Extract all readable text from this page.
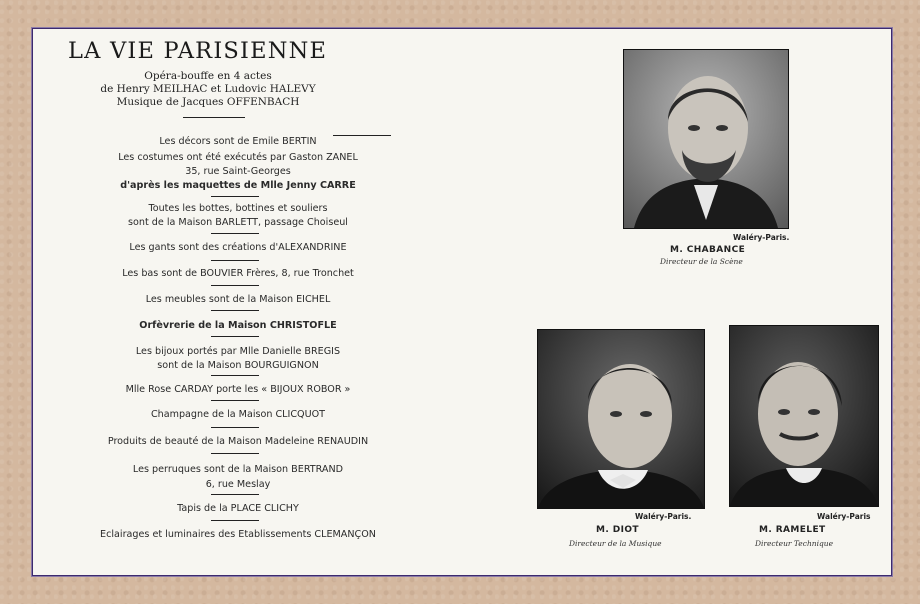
LA VIE PARISIENNE
Opéra-bouffe en 4 actes
de Henry MEILHAC et Ludovic HALEVY
Musique de Jacques OFFENBACH
Les décors sont de Emile BERTIN
Les costumes ont été exécutés par Gaston ZANEL
35, rue Saint-Georges
d'après les maquettes de Mlle Jenny CARRE
Toutes les bottes, bottines et souliers
sont de la Maison BARLETT, passage Choiseul
Les gants sont des créations d'ALEXANDRINE
Les bas sont de BOUVIER Frères, 8, rue Tronchet
Les meubles sont de la Maison EICHEL
Orfèvrerie de la Maison CHRISTOFLE
Les bijoux portés par Mlle Danielle BREGIS
sont de la Maison BOURGUIGNON
Mlle Rose CARDAY porte les « BIJOUX ROBOR »
Champagne de la Maison CLICQUOT
Produits de beauté de la Maison Madeleine RENAUDIN
Les perruques sont de la Maison BERTRAND
6, rue Meslay
Tapis de la PLACE CLICHY
Eclairages et luminaires des Etablissements CLEMANÇON
Waléry-Paris.
M. CHABANCE
Directeur de la Scène
Waléry-Paris.
M. DIOT
Directeur de la Musique
Waléry-Paris
M. RAMELET
Directeur Technique
